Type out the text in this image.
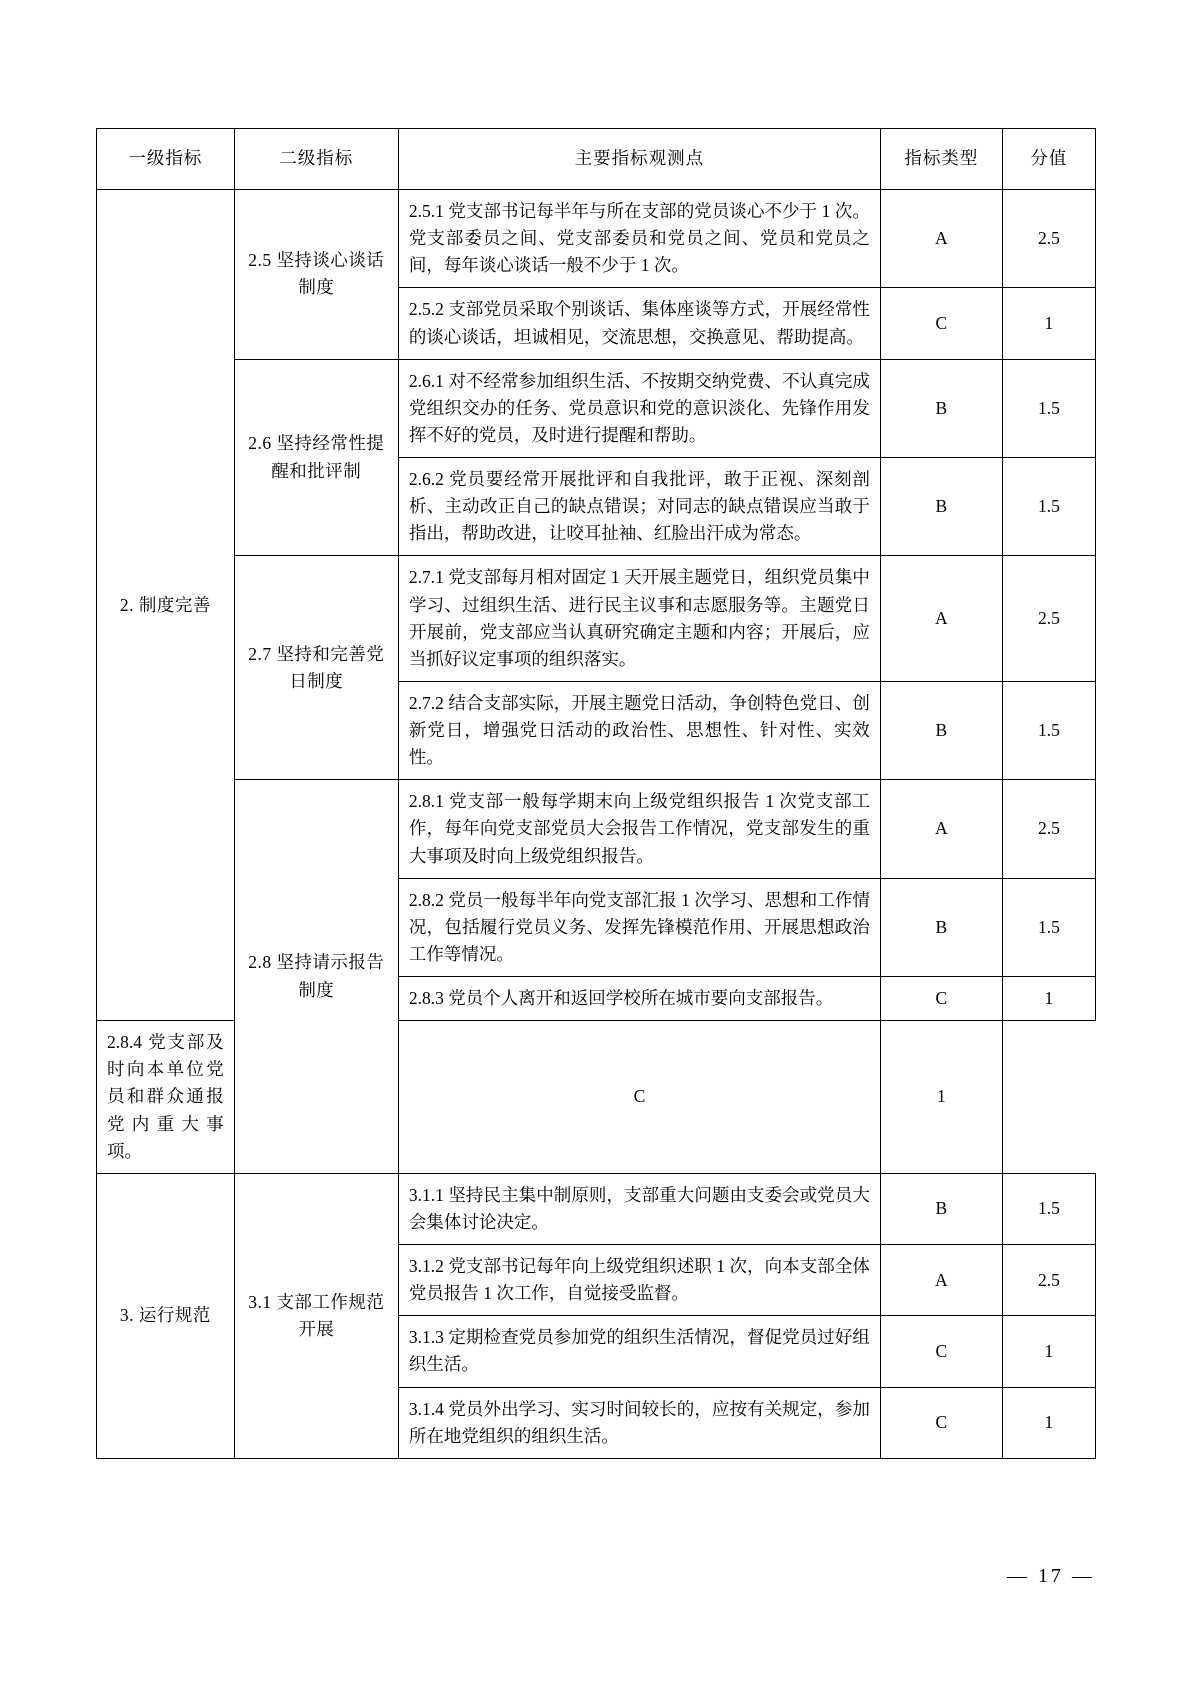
一级指标	二级指标	主要指标观测点	指标类型	分值
2. 制度完善	2.5 坚持谈心谈话制度	2.5.1 党支部书记每半年与所在支部的党员谈心不少于 1 次。党支部委员之间、党支部委员和党员之间、党员和党员之间，每年谈心谈话一般不少于 1 次。	A	2.5
		2.5.2 支部党员采取个别谈话、集体座谈等方式，开展经常性的谈心谈话，坦诚相见，交流思想，交换意见、帮助提高。	C	1
	2.6 坚持经常性提醒和批评制	2.6.1 对不经常参加组织生活、不按期交纳党费、不认真完成党组织交办的任务、党员意识和党的意识淡化、先锋作用发挥不好的党员，及时进行提醒和帮助。	B	1.5
		2.6.2 党员要经常开展批评和自我批评，敢于正视、深刻剖析、主动改正自己的缺点错误；对同志的缺点错误应当敢于指出，帮助改进，让咬耳扯袖、红脸出汗成为常态。	B	1.5
	2.7 坚持和完善党日制度	2.7.1 党支部每月相对固定 1 天开展主题党日，组织党员集中学习、过组织生活、进行民主议事和志愿服务等。主题党日开展前，党支部应当认真研究确定主题和内容；开展后，应当抓好议定事项的组织落实。	A	2.5
		2.7.2 结合支部实际，开展主题党日活动，争创特色党日、创新党日，增强党日活动的政治性、思想性、针对性、实效性。	B	1.5
	2.8 坚持请示报告制度	2.8.1 党支部一般每学期末向上级党组织报告 1 次党支部工作，每年向党支部党员大会报告工作情况，党支部发生的重大事项及时向上级党组织报告。	A	2.5
		2.8.2 党员一般每半年向党支部汇报 1 次学习、思想和工作情况，包括履行党员义务、发挥先锋模范作用、开展思想政治工作等情况。	B	1.5
		2.8.3 党员个人离开和返回学校所在城市要向支部报告。	C	1
2.8.4 党支部及时向本单位党员和群众通报党内重大事项。		C	1	
3. 运行规范	3.1 支部工作规范开展	3.1.1 坚持民主集中制原则，支部重大问题由支委会或党员大会集体讨论决定。	B	1.5
		3.1.2 党支部书记每年向上级党组织述职 1 次，向本支部全体党员报告 1 次工作，自觉接受监督。	A	2.5
		3.1.3 定期检查党员参加党的组织生活情况，督促党员过好组织生活。	C	1
		3.1.4 党员外出学习、实习时间较长的，应按有关规定，参加所在地党组织的组织生活。	C	1
— 17 —
